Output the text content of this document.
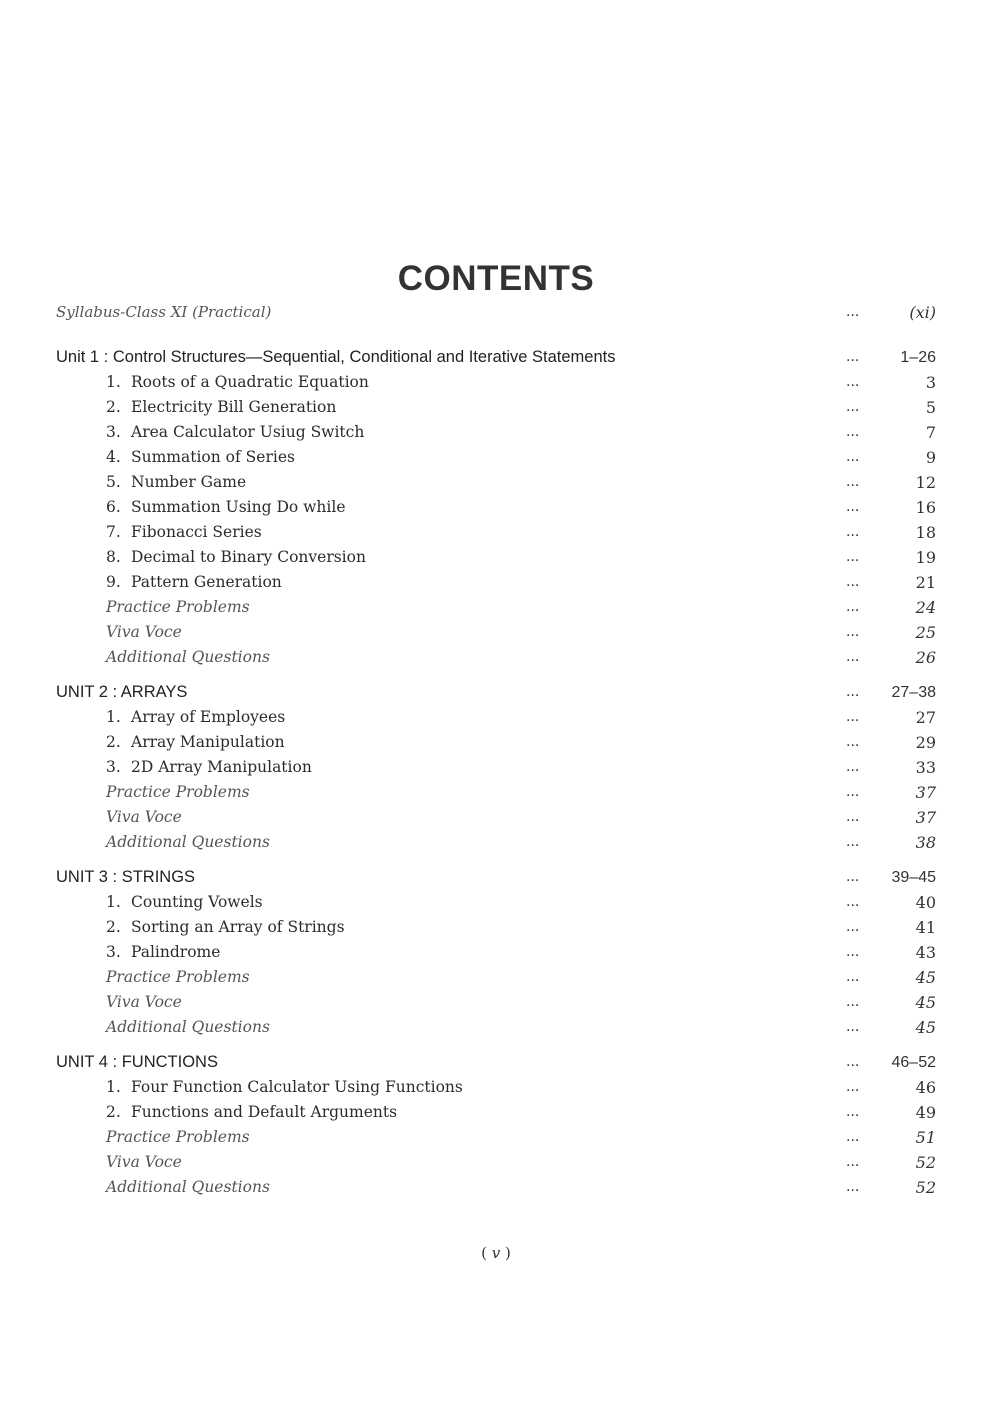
CONTENTS
Syllabus-Class XI (Practical)	...	(xi)
Unit 1 : Control Structures—Sequential, Conditional and Iterative Statements	...	1–26
1. Roots of a Quadratic Equation	...	3
2. Electricity Bill Generation	...	5
3. Area Calculator Usiug Switch	...	7
4. Summation of Series	...	9
5. Number Game	...	12
6. Summation Using Do while	...	16
7. Fibonacci Series	...	18
8. Decimal to Binary Conversion	...	19
9. Pattern Generation	...	21
Practice Problems	...	24
Viva Voce	...	25
Additional Questions	...	26
UNIT 2 : ARRAYS	... 27–38
1. Array of Employees	...	27
2. Array Manipulation	...	29
3. 2D Array Manipulation	...	33
Practice Problems	...	37
Viva Voce	...	37
Additional Questions	...	38
UNIT 3 : STRINGS	... 39–45
1. Counting Vowels	...	40
2. Sorting an Array of Strings	...	41
3. Palindrome	...	43
Practice Problems	...	45
Viva Voce	...	45
Additional Questions	...	45
UNIT 4 : FUNCTIONS	... 46–52
1. Four Function Calculator Using Functions	...	46
2. Functions and Default Arguments	...	49
Practice Problems	...	51
Viva Voce	...	52
Additional Questions	...	52
( v )
